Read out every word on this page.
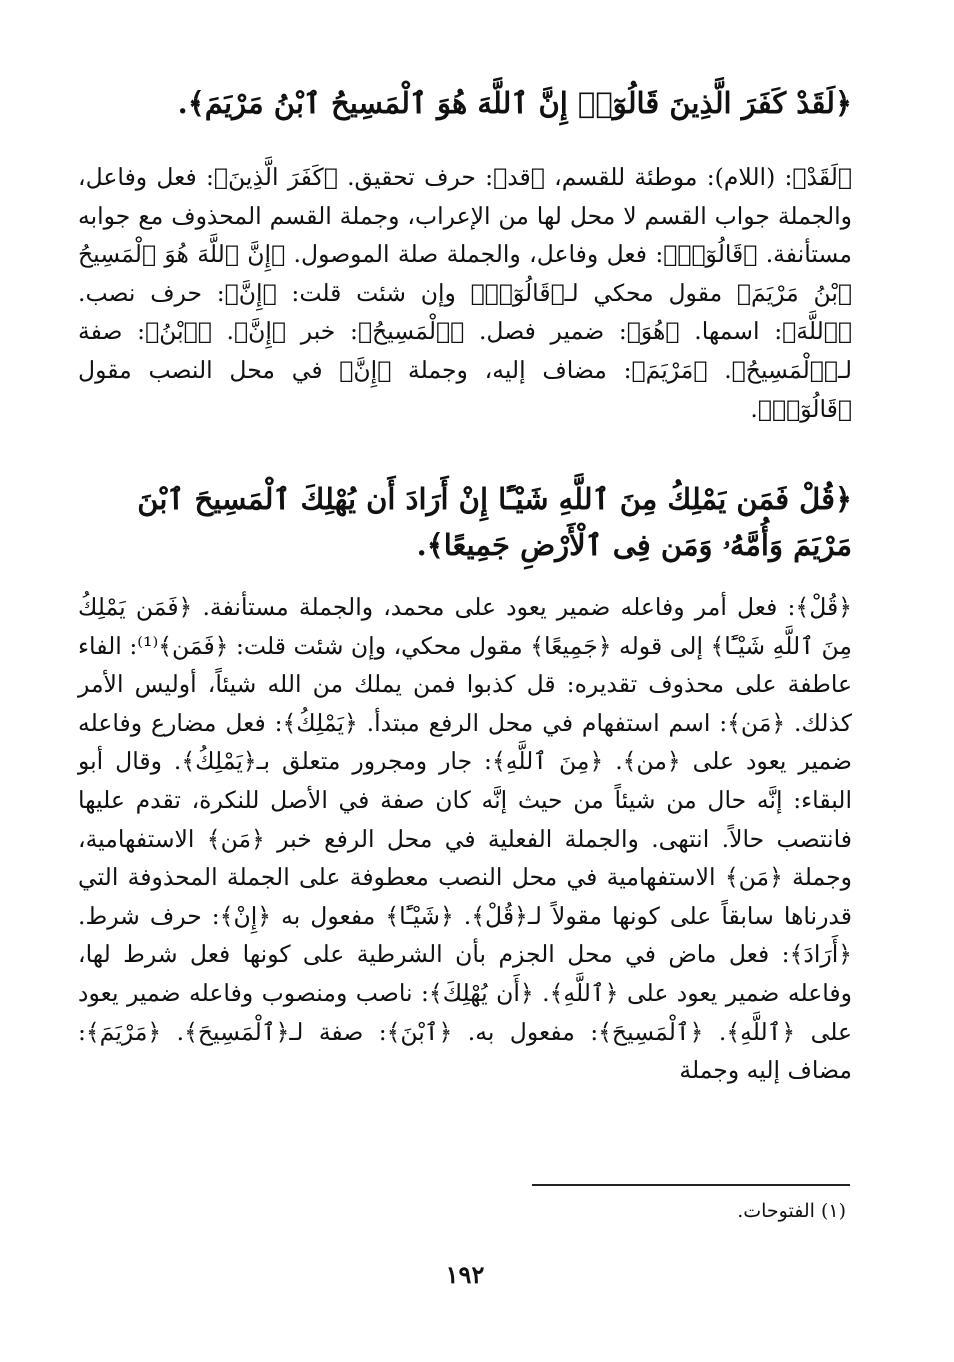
﴿لَقَدْ كَفَرَ الَّذِينَ قَالُوٓا۟ إِنَّ ٱللَّهَ هُوَ ٱلْمَسِيحُ ٱبْنُ مَرْيَمَ﴾.

﴿لَقَدْ﴾: (اللام): موطئة للقسم، ﴿قد﴾: حرف تحقيق. ﴿كَفَرَ الَّذِينَ﴾: فعل وفاعل، والجملة جواب القسم لا محل لها من الإعراب، وجملة القسم المحذوف مع جوابه مستأنفة. ﴿قَالُوٓا۟﴾: فعل وفاعل، والجملة صلة الموصول. ﴿إِنَّ ٱللَّهَ هُوَ ٱلْمَسِيحُ ٱبْنُ مَرْيَمَ﴾ مقول محكي لـ﴿قَالُوٓا۟﴾ وإن شئت قلت: ﴿إِنَّ﴾: حرف نصب. ﴿ٱللَّهَ﴾: اسمها. ﴿هُوَ﴾: ضمير فصل. ﴿ٱلْمَسِيحُ﴾: خبر ﴿إِنَّ﴾. ﴿ٱبْنُ﴾: صفة لـ﴿ٱلْمَسِيحُ﴾. ﴿مَرْيَمَ﴾: مضاف إليه، وجملة ﴿إِنَّ﴾ في محل النصب مقول ﴿قَالُوٓا۟﴾.

﴿قُلْ فَمَن يَمْلِكُ مِنَ ٱللَّهِ شَيْـًٔا إِنْ أَرَادَ أَن يُهْلِكَ ٱلْمَسِيحَ ٱبْنَ مَرْيَمَ وَأُمَّهُۥ وَمَن فِى ٱلْأَرْضِ جَمِيعًا﴾.

﴿قُلْ﴾: فعل أمر وفاعله ضمير يعود على محمد، والجملة مستأنفة. ﴿فَمَن يَمْلِكُ مِنَ ٱللَّهِ شَيْـًٔا﴾ إلى قوله ﴿جَمِيعًا﴾ مقول محكي، وإن شئت قلت: ﴿فَمَن﴾⁽¹⁾: الفاء عاطفة على محذوف تقديره: قل كذبوا فمن يملك من الله شيئاً، أوليس الأمر كذلك. ﴿مَن﴾: اسم استفهام في محل الرفع مبتدأ. ﴿يَمْلِكُ﴾: فعل مضارع وفاعله ضمير يعود على ﴿من﴾. ﴿مِنَ ٱللَّهِ﴾: جار ومجرور متعلق بـ﴿يَمْلِكُ﴾. وقال أبو البقاء: إنَّه حال من شيئاً من حيث إنَّه كان صفة في الأصل للنكرة، تقدم عليها فانتصب حالاً. انتهى. والجملة الفعلية في محل الرفع خبر ﴿مَن﴾ الاستفهامية، وجملة ﴿مَن﴾ الاستفهامية في محل النصب معطوفة على الجملة المحذوفة التي قدرناها سابقاً على كونها مقولاً لـ﴿قُلْ﴾. ﴿شَيْـًٔا﴾ مفعول به ﴿إِنْ﴾: حرف شرط. ﴿أَرَادَ﴾: فعل ماض في محل الجزم بأن الشرطية على كونها فعل شرط لها، وفاعله ضمير يعود على ﴿ٱللَّهِ﴾. ﴿أَن يُهْلِكَ﴾: ناصب ومنصوب وفاعله ضمير يعود على ﴿ٱللَّهِ﴾. ﴿ٱلْمَسِيحَ﴾: مفعول به. ﴿ٱبْنَ﴾: صفة لـ﴿ٱلْمَسِيحَ﴾. ﴿مَرْيَمَ﴾: مضاف إليه وجملة

(١) الفتوحات.
١٩٢
